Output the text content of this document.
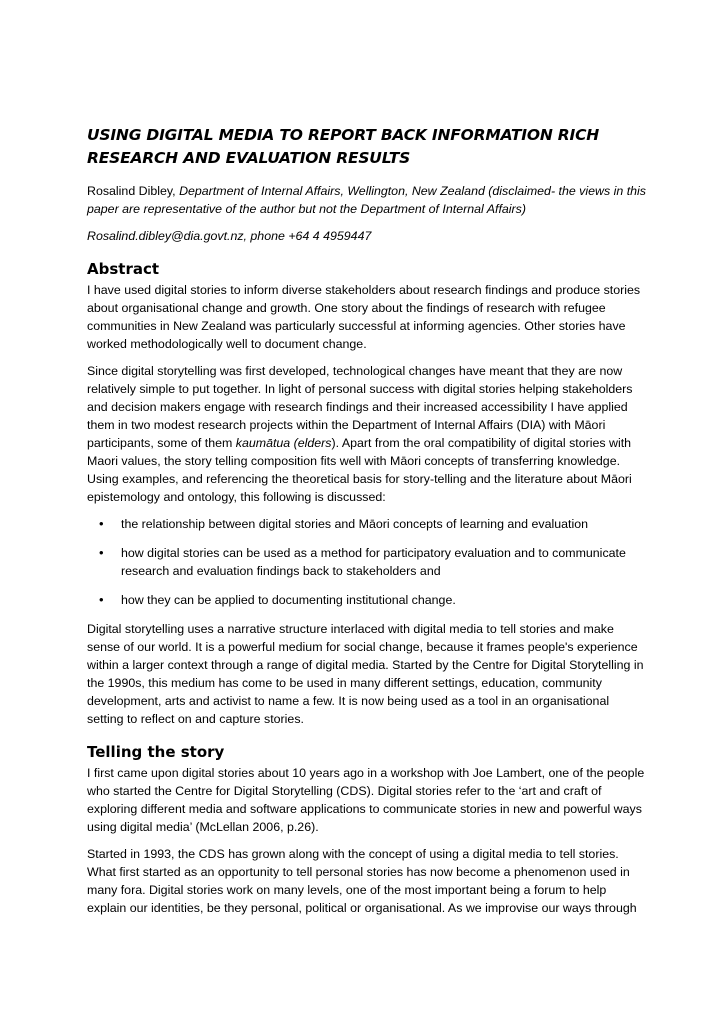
USING DIGITAL MEDIA TO REPORT BACK INFORMATION RICH
RESEARCH AND EVALUATION RESULTS

Rosalind Dibley, Department of Internal Affairs, Wellington, New Zealand (disclaimed- the views in this paper are representative of the author but not the Department of Internal Affairs)

Rosalind.dibley@dia.govt.nz, phone +64 4 4959447

Abstract

I have used digital stories to inform diverse stakeholders about research findings and produce stories about organisational change and growth. One story about the findings of research with refugee communities in New Zealand was particularly successful at informing agencies. Other stories have worked methodologically well to document change.

Since digital storytelling was first developed, technological changes have meant that they are now relatively simple to put together. In light of personal success with digital stories helping stakeholders and decision makers engage with research findings and their increased accessibility I have applied them in two modest research projects within the Department of Internal Affairs (DIA) with Māori participants, some of them kaumātua (elders). Apart from the oral compatibility of digital stories with Maori values, the story telling composition fits well with Māori concepts of transferring knowledge. Using examples, and referencing the theoretical basis for story-telling and the literature about Māori epistemology and ontology, this following is discussed:

• the relationship between digital stories and Māori concepts of learning and evaluation
• how digital stories can be used as a method for participatory evaluation and to communicate research and evaluation findings back to stakeholders and
• how they can be applied to documenting institutional change.

Digital storytelling uses a narrative structure interlaced with digital media to tell stories and make sense of our world. It is a powerful medium for social change, because it frames people's experience within a larger context through a range of digital media. Started by the Centre for Digital Storytelling in the 1990s, this medium has come to be used in many different settings, education, community development, arts and activist to name a few. It is now being used as a tool in an organisational setting to reflect on and capture stories.

Telling the story

I first came upon digital stories about 10 years ago in a workshop with Joe Lambert, one of the people who started the Centre for Digital Storytelling (CDS). Digital stories refer to the ‘art and craft of exploring different media and software applications to communicate stories in new and powerful ways using digital media’ (McLellan 2006, p.26).

Started in 1993, the CDS has grown along with the concept of using a digital media to tell stories. What first started as an opportunity to tell personal stories has now become a phenomenon used in many fora. Digital stories work on many levels, one of the most important being a forum to help explain our identities, be they personal, political or organisational. As we improvise our ways through
